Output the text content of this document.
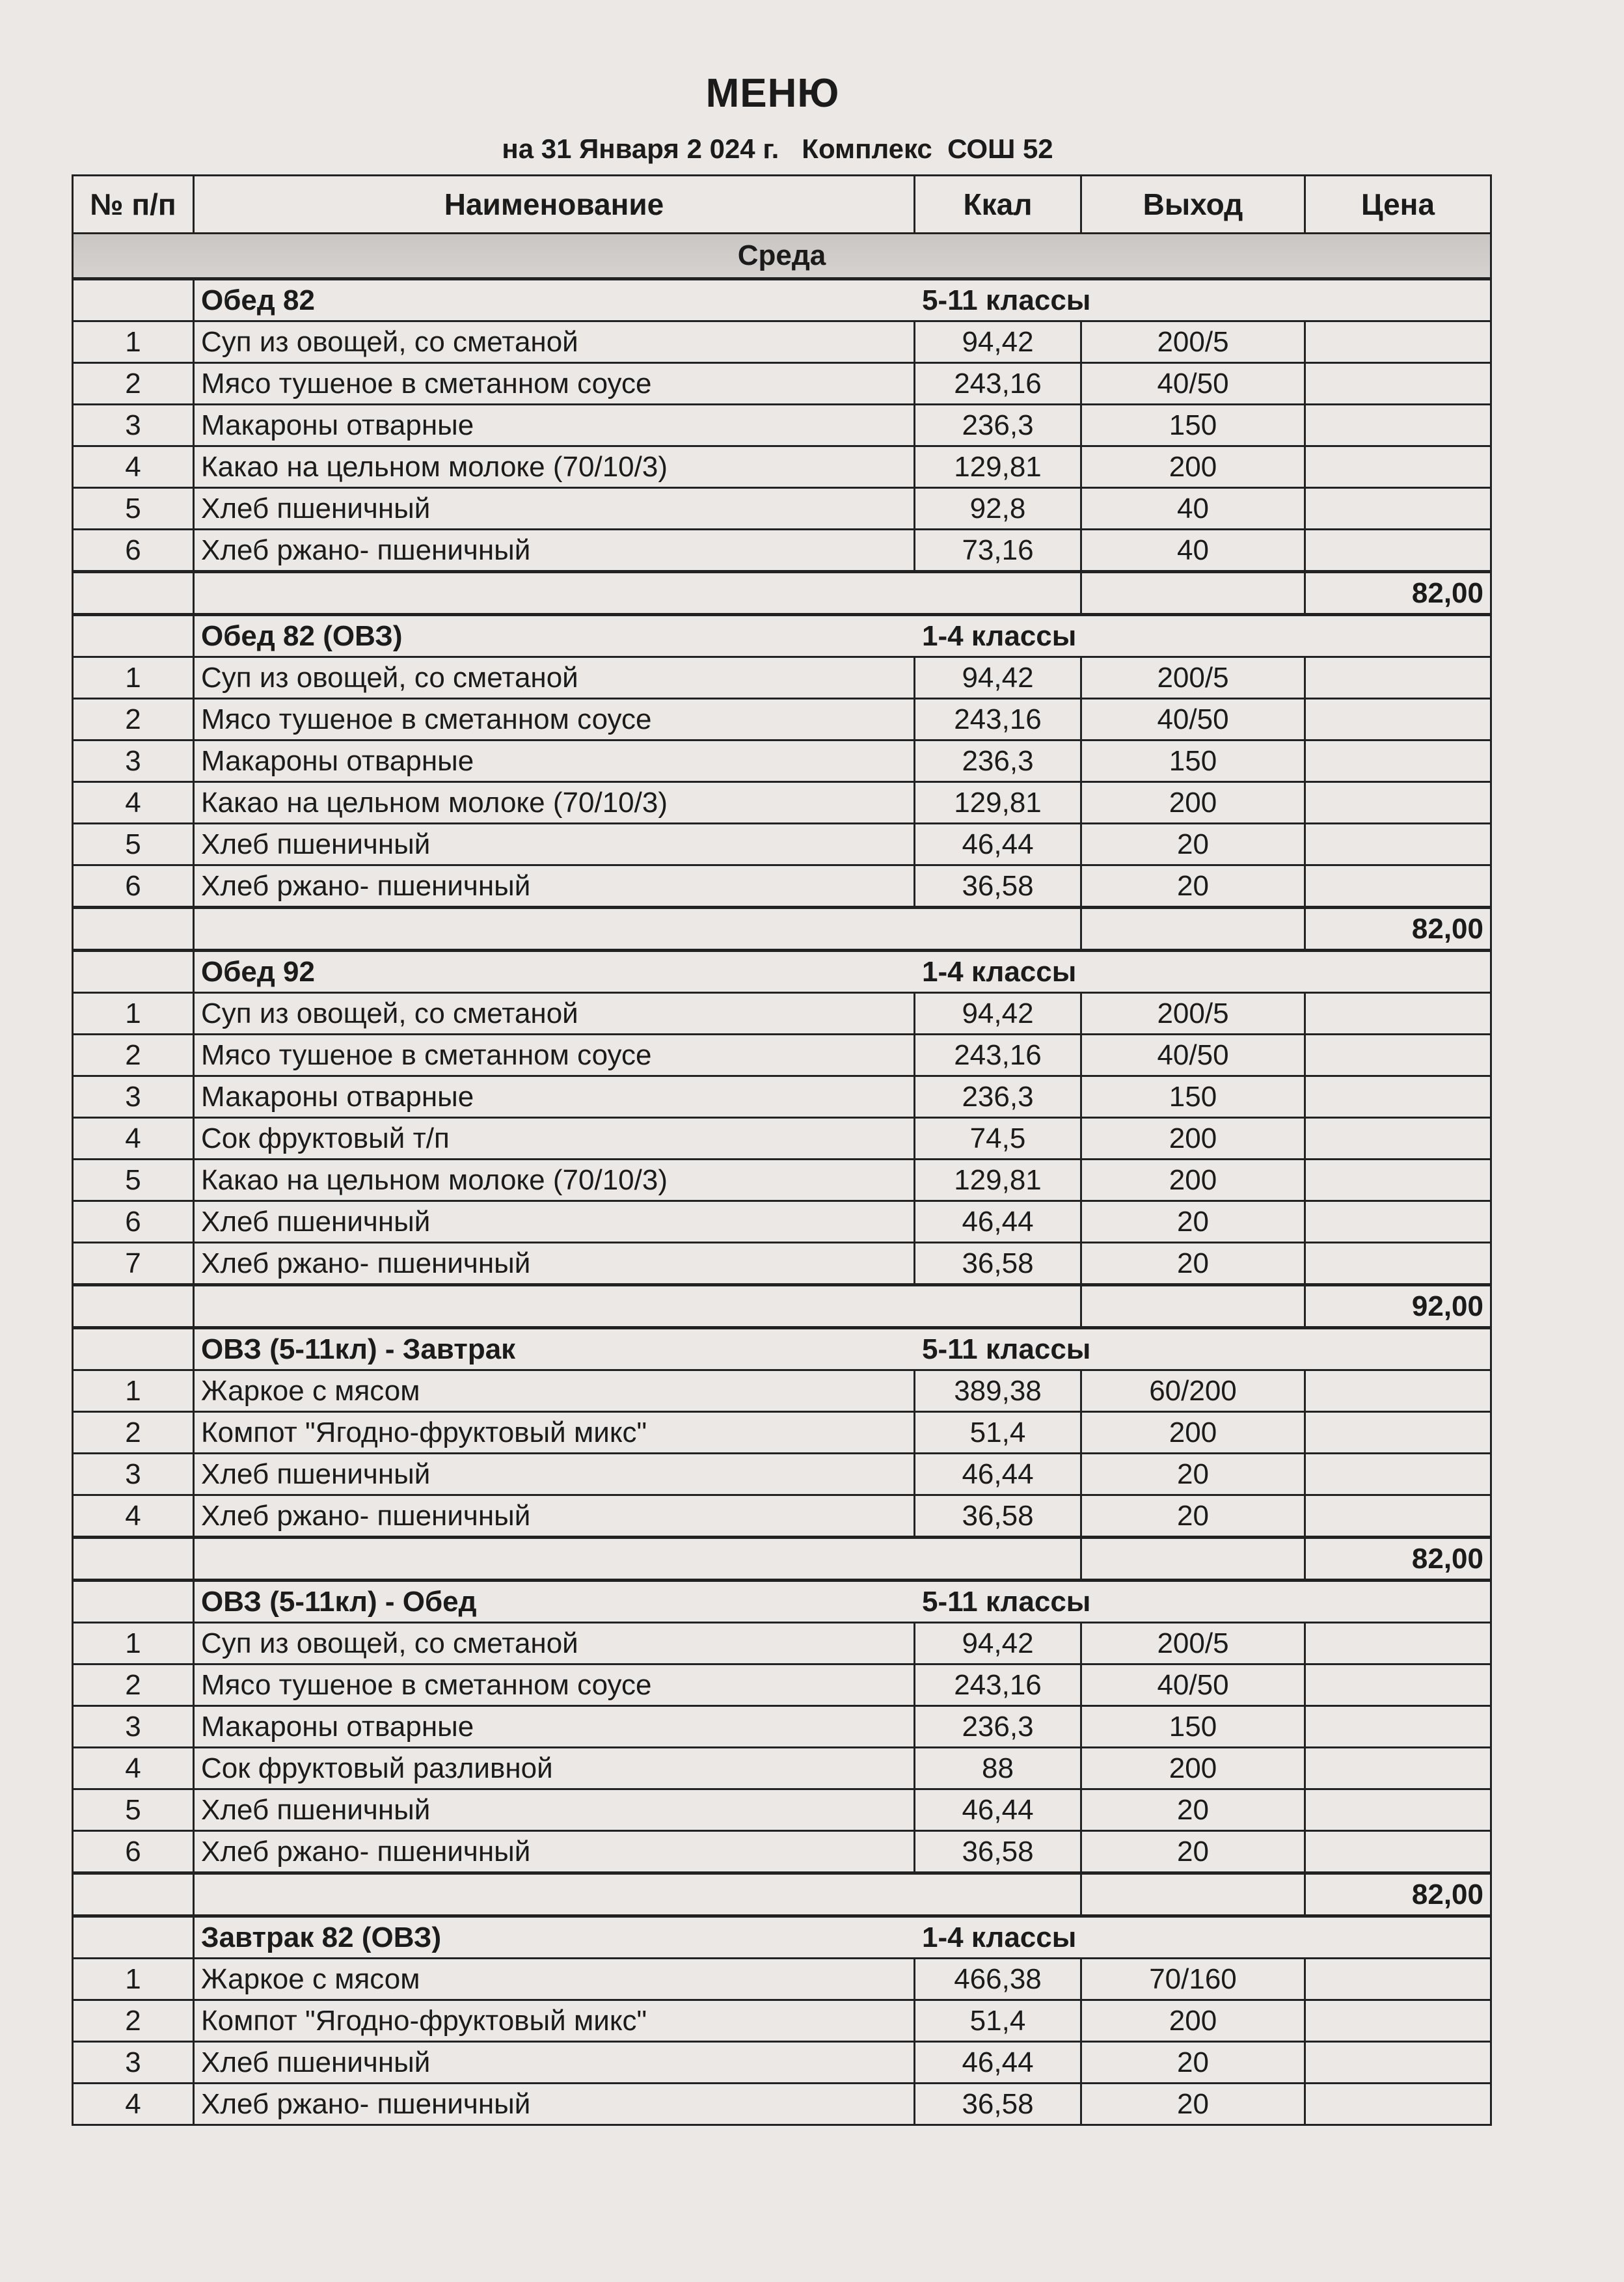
МЕНЮ
на 31 Января 2 024 г.   Комплекс  СОШ 52
№ п/п	Наименование	Ккал	Выход	Цена
Среда				

	Обед 82 5-11 классы			

1	Суп из овощей, со сметаной	94,42	200/5	
2	Мясо тушеное в сметанном соусе	243,16	40/50	
3	Макароны отварные	236,3	150	
4	Какао на цельном молоке (70/10/3)	129,81	200	
5	Хлеб пшеничный	92,8	40	
6	Хлеб ржано- пшеничный	73,16	40	
				82,00

	Обед 82 (ОВЗ) 1-4 классы			

1	Суп из овощей, со сметаной	94,42	200/5	
2	Мясо тушеное в сметанном соусе	243,16	40/50	
3	Макароны отварные	236,3	150	
4	Какао на цельном молоке (70/10/3)	129,81	200	
5	Хлеб пшеничный	46,44	20	
6	Хлеб ржано- пшеничный	36,58	20	
				82,00

	Обед 92 1-4 классы			

1	Суп из овощей, со сметаной	94,42	200/5	
2	Мясо тушеное в сметанном соусе	243,16	40/50	
3	Макароны отварные	236,3	150	
4	Сок фруктовый т/п	74,5	200	
5	Какао на цельном молоке (70/10/3)	129,81	200	
6	Хлеб пшеничный	46,44	20	
7	Хлеб ржано- пшеничный	36,58	20	
				92,00

	ОВЗ (5-11кл) - Завтрак 5-11 классы			

1	Жаркое с мясом	389,38	60/200	
2	Компот "Ягодно-фруктовый микс"	51,4	200	
3	Хлеб пшеничный	46,44	20	
4	Хлеб ржано- пшеничный	36,58	20	
				82,00

	ОВЗ (5-11кл) - Обед 5-11 классы			

1	Суп из овощей, со сметаной	94,42	200/5	
2	Мясо тушеное в сметанном соусе	243,16	40/50	
3	Макароны отварные	236,3	150	
4	Сок фруктовый разливной	88	200	
5	Хлеб пшеничный	46,44	20	
6	Хлеб ржано- пшеничный	36,58	20	
				82,00

	Завтрак 82 (ОВЗ) 1-4 классы			

1	Жаркое с мясом	466,38	70/160	
2	Компот "Ягодно-фруктовый микс"	51,4	200	
3	Хлеб пшеничный	46,44	20	
4	Хлеб ржано- пшеничный	36,58	20	
